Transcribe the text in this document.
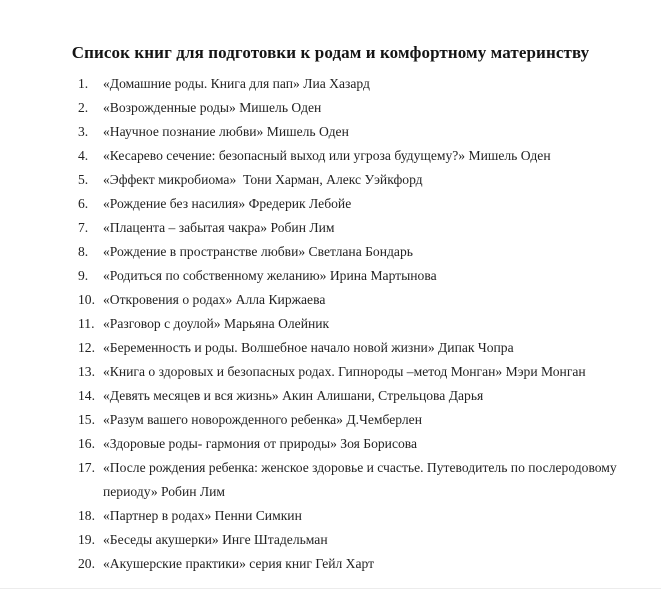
Список книг для подготовки к родам и комфортному материнству
1.	«Домашние роды. Книга для пап» Лиа Хазард
2.	«Возрожденные роды» Мишель Оден
3.	«Научное познание любви» Мишель Оден
4.	«Кесарево сечение: безопасный выход или угроза будущему?» Мишель Оден
5.	«Эффект микробиома»  Тони Харман, Алекс Уэйкфорд
6.	«Рождение без насилия» Фредерик Лебойе
7.	«Плацента – забытая чакра» Робин Лим
8.	«Рождение в пространстве любви» Светлана Бондарь
9.	«Родиться по собственному желанию» Ирина Мартынова
10. «Откровения о родах» Алла Киржаева
11. «Разговор с доулой» Марьяна Олейник
12. «Беременность и роды. Волшебное начало новой жизни» Дипак Чопра
13. «Книга о здоровых и безопасных родах. Гипнороды –метод Монган» Мэри Монган
14. «Девять месяцев и вся жизнь» Акин Алишани, Стрельцова Дарья
15. «Разум вашего новорожденного ребенка» Д.Чемберлен
16. «Здоровые роды- гармония от природы» Зоя Борисова
17. «После рождения ребенка: женское здоровье и счастье. Путеводитель по послеродовому периоду» Робин Лим
18. «Партнер в родах» Пенни Симкин
19. «Беседы акушерки» Инге Штадельман
20. «Акушерские практики» серия книг Гейл Харт
